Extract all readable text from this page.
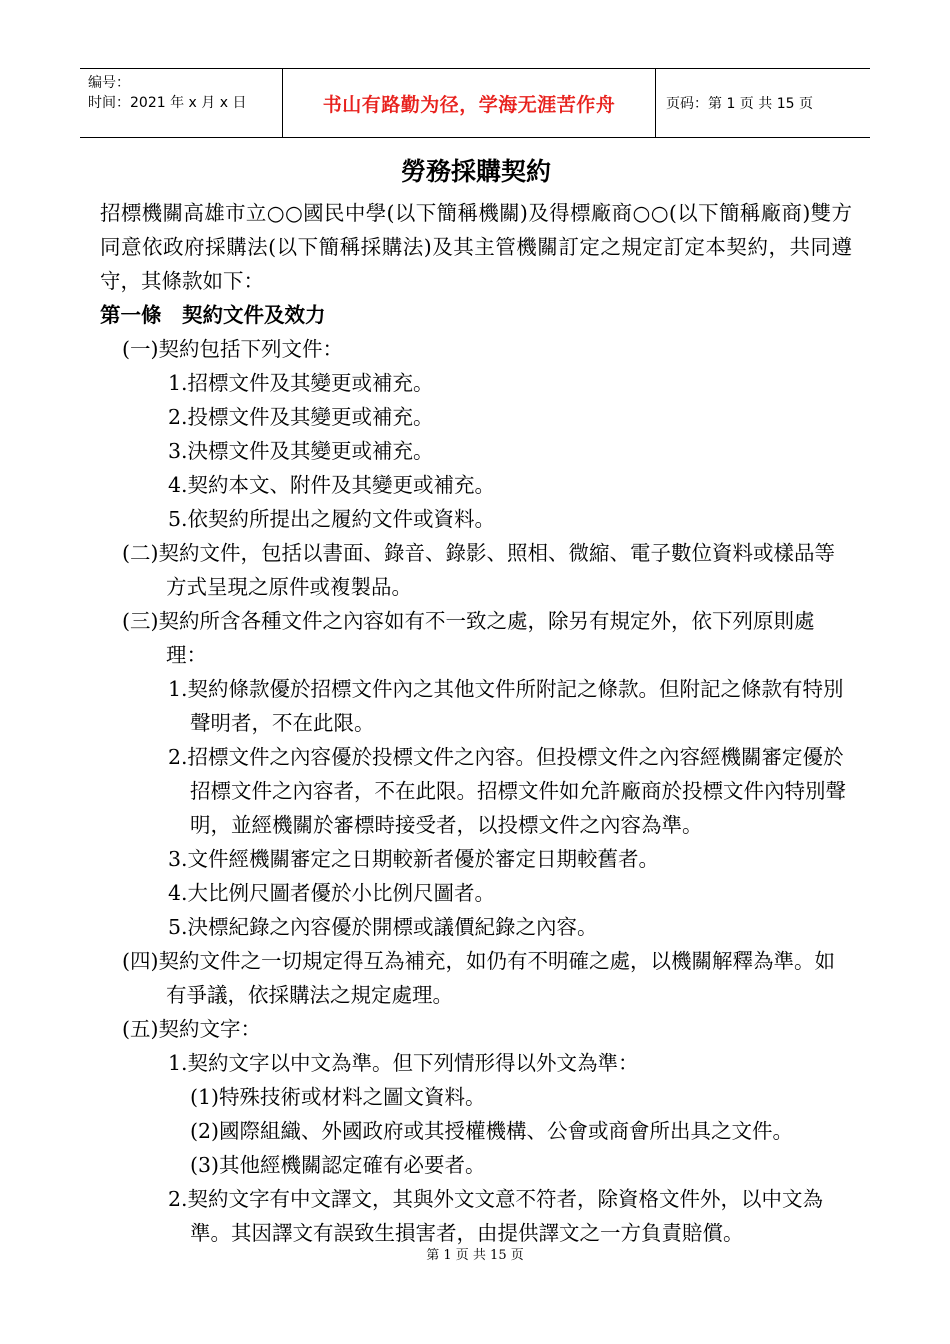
编号：
时间：2021 年 x 月 x 日	书山有路勤为径，学海无涯苦作舟	页码：第 1 页 共 15 页
勞務採購契約

招標機關高雄市立○○國民中學(以下簡稱機關)及得標廠商○○(以下簡稱廠商)雙方同意依政府採購法(以下簡稱採購法)及其主管機關訂定之規定訂定本契約，共同遵守，其條款如下：

第一條　契約文件及效力

(一)契約包括下列文件：

1.招標文件及其變更或補充。

2.投標文件及其變更或補充。

3.決標文件及其變更或補充。

4.契約本文、附件及其變更或補充。

5.依契約所提出之履約文件或資料。

(二)契約文件，包括以書面、錄音、錄影、照相、微縮、電子數位資料或樣品等方式呈現之原件或複製品。

(三)契約所含各種文件之內容如有不一致之處，除另有規定外，依下列原則處理：

1.契約條款優於招標文件內之其他文件所附記之條款。但附記之條款有特別聲明者，不在此限。

2.招標文件之內容優於投標文件之內容。但投標文件之內容經機關審定優於招標文件之內容者，不在此限。招標文件如允許廠商於投標文件內特別聲明，並經機關於審標時接受者，以投標文件之內容為準。

3.文件經機關審定之日期較新者優於審定日期較舊者。

4.大比例尺圖者優於小比例尺圖者。

5.決標紀錄之內容優於開標或議價紀錄之內容。

(四)契約文件之一切規定得互為補充，如仍有不明確之處，以機關解釋為準。如有爭議，依採購法之規定處理。

(五)契約文字：

1.契約文字以中文為準。但下列情形得以外文為準：

(1)特殊技術或材料之圖文資料。

(2)國際組織、外國政府或其授權機構、公會或商會所出具之文件。

(3)其他經機關認定確有必要者。

2.契約文字有中文譯文，其與外文文意不符者，除資格文件外，以中文為準。其因譯文有誤致生損害者，由提供譯文之一方負責賠償。

第 1 页 共 15 页
